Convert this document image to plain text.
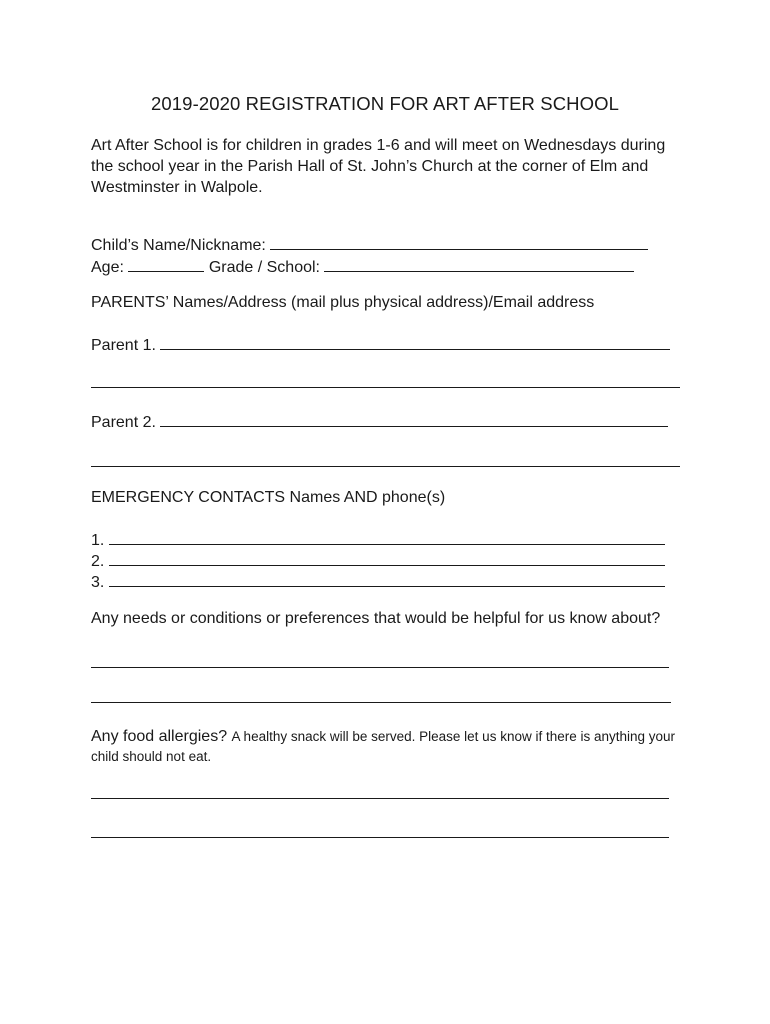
2019-2020 REGISTRATION FOR ART AFTER SCHOOL
Art After School is for children in grades 1-6 and will meet on Wednesdays during the school year in the Parish Hall of St. John’s Church at the corner of Elm and Westminster in Walpole.
Child’s Name/Nickname:
Age:	Grade / School:
PARENTS’ Names/Address (mail plus physical address)/Email address
Parent 1.
Parent 2.
EMERGENCY CONTACTS Names AND phone(s)
1.
2.
3.
Any needs or conditions or preferences that would be helpful for us know about?
Any food allergies? A healthy snack will be served. Please let us know if there is anything your child should not eat.
